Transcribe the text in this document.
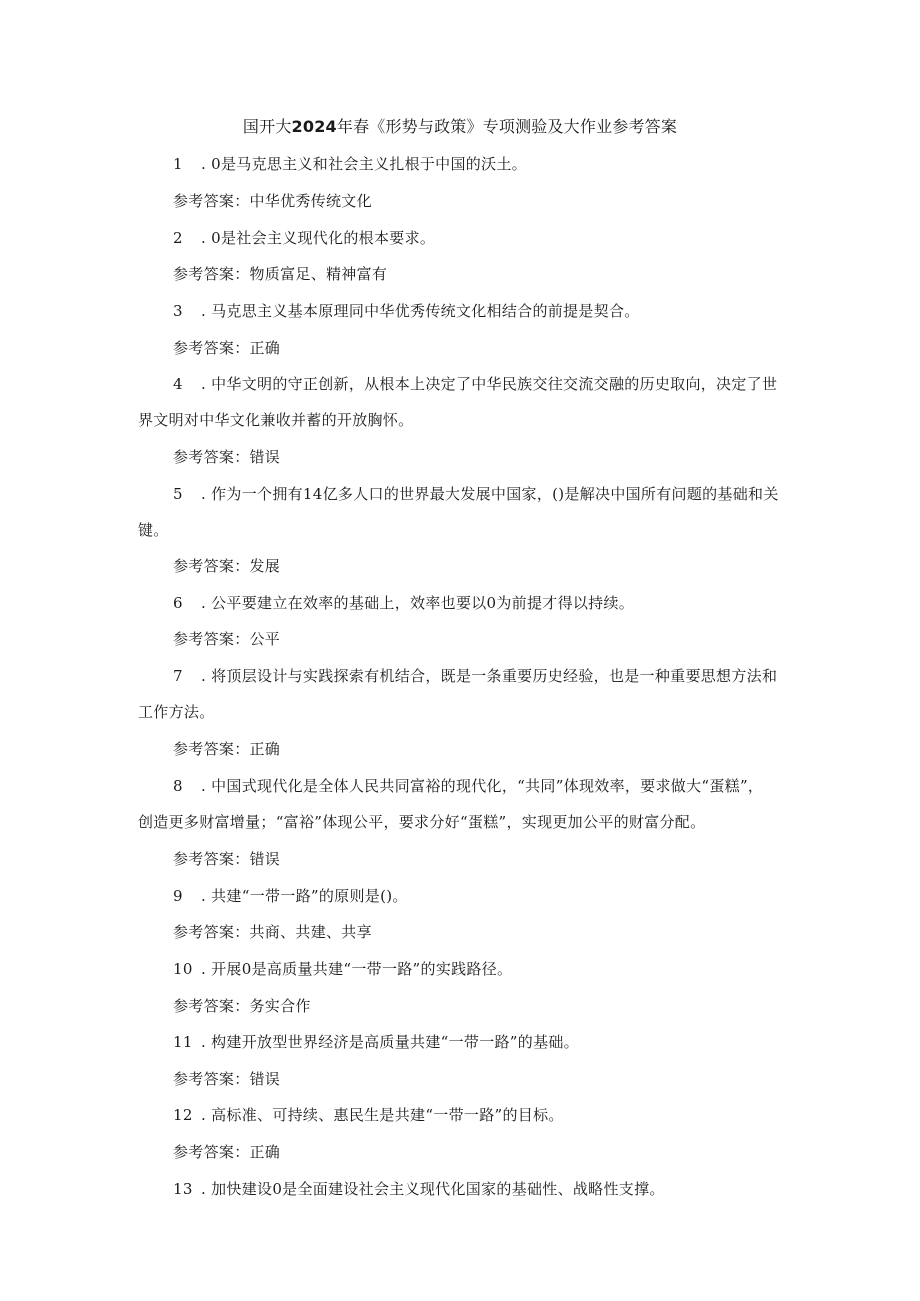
国开大2024年春《形势与政策》专项测验及大作业参考答案
1 . 0是马克思主义和社会主义扎根于中国的沃土。
参考答案：中华优秀传统文化
2 . 0是社会主义现代化的根本要求。
参考答案：物质富足、精神富有
3 . 马克思主义基本原理同中华优秀传统文化相结合的前提是契合。
参考答案：正确
4 . 中华文明的守正创新，从根本上决定了中华民族交往交流交融的历史取向，决定了世
界文明对中华文化兼收并蓄的开放胸怀。
参考答案：错误
5 . 作为一个拥有14亿多人口的世界最大发展中国家，()是解决中国所有问题的基础和关
键。
参考答案：发展
6 . 公平要建立在效率的基础上，效率也要以0为前提才得以持续。
参考答案：公平
7 . 将顶层设计与实践探索有机结合，既是一条重要历史经验，也是一种重要思想方法和
工作方法。
参考答案：正确
8 . 中国式现代化是全体人民共同富裕的现代化，“共同”体现效率，要求做大“蛋糕”，
创造更多财富增量；“富裕”体现公平，要求分好“蛋糕”，实现更加公平的财富分配。
参考答案：错误
9 . 共建“一带一路”的原则是()。
参考答案：共商、共建、共享
10 . 开展0是高质量共建“一带一路”的实践路径。
参考答案：务实合作
11 . 构建开放型世界经济是高质量共建“一带一路”的基础。
参考答案：错误
12 . 高标准、可持续、惠民生是共建“一带一路”的目标。
参考答案：正确
13 . 加快建设0是全面建设社会主义现代化国家的基础性、战略性支撑。
